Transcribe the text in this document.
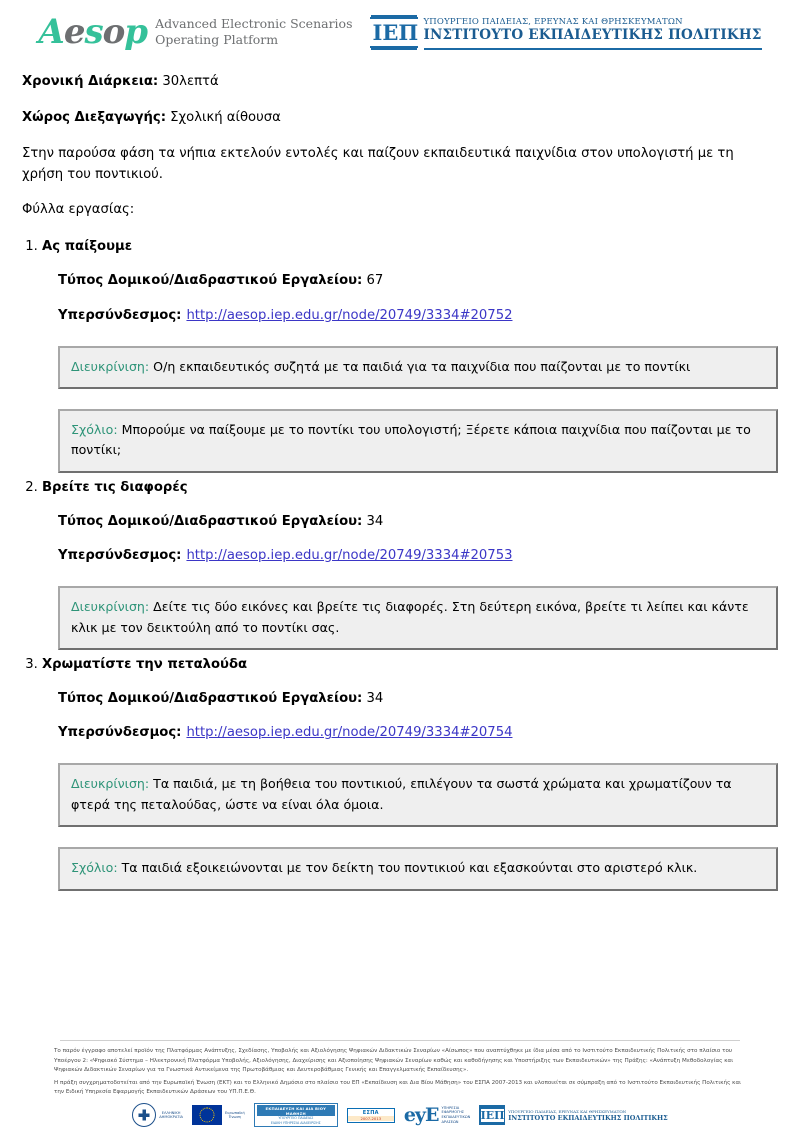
Aesop Advanced Electronic Scenarios
Operating Platform	IEΠ ΥΠΟΥΡΓΕΙΟ ΠΑΙΔΕΙΑΣ, ΕΡΕΥΝΑΣ ΚΑΙ ΘΡΗΣΚΕΥΜΑΤΩΝ
ΙΝΣΤΙΤΟΥΤΟ ΕΚΠΑΙΔΕΥΤΙΚΗΣ ΠΟΛΙΤΙΚΗΣ

Χρονική Διάρκεια: 30λεπτά

Χώρος Διεξαγωγής: Σχολική αίθουσα

Στην παρούσα φάση τα νήπια εκτελούν εντολές και παίζουν εκπαιδευτικά παιχνίδια στον υπολογιστή με τη χρήση του ποντικιού.

Φύλλα εργασίας:

1. Ας παίξουμε

Τύπος Δομικού/Διαδραστικού Εργαλείου: 67

Υπερσύνδεσμος: http://aesop.iep.edu.gr/node/20749/3334#20752

Διευκρίνιση: Ο/η εκπαιδευτικός συζητά με τα παιδιά για τα παιχνίδια που παίζονται με το ποντίκι
Σχόλιο: Μπορούμε να παίξουμε με το ποντίκι του υπολογιστή; Ξέρετε κάποια παιχνίδια που παίζονται με το ποντίκι;
2. Βρείτε τις διαφορές

Τύπος Δομικού/Διαδραστικού Εργαλείου: 34

Υπερσύνδεσμος: http://aesop.iep.edu.gr/node/20749/3334#20753

Διευκρίνιση: Δείτε τις δύο εικόνες και βρείτε τις διαφορές. Στη δεύτερη εικόνα, βρείτε τι λείπει και κάντε κλικ με τον δεικτούλη από το ποντίκι σας.
3. Χρωματίστε την πεταλούδα

Τύπος Δομικού/Διαδραστικού Εργαλείου: 34

Υπερσύνδεσμος: http://aesop.iep.edu.gr/node/20749/3334#20754

Διευκρίνιση: Τα παιδιά, με τη βοήθεια του ποντικιού, επιλέγουν τα σωστά χρώματα και χρωματίζουν τα φτερά της πεταλούδας, ώστε να είναι όλα όμοια.
Σχόλιο: Τα παιδιά εξοικειώνονται με τον δείκτη του ποντικιού και εξασκούνται στο αριστερό κλικ.

Το παρόν έγγραφο αποτελεί προϊόν της Πλατφόρμας Ανάπτυξης, Σχεδίασης, Υποβολής και Αξιολόγησης Ψηφιακών Διδακτικών Σεναρίων «Αίσωπος» που αναπτύχθηκε με ίδια μέσα από το Ινστιτούτο Εκπαιδευτικής Πολιτικής στο πλαίσιο του Υποέργου 2: «Ψηφιακό Σύστημα – Ηλεκτρονική Πλατφόρμα Υποβολής, Αξιολόγησης, Διαχείρισης και Αξιοποίησης Ψηφιακών Σεναρίων καθώς και καθοδήγησης και Υποστήριξης των Εκπαιδευτικών» της Πράξης: «Ανάπτυξη Μεθοδολογίας και Ψηφιακών Διδακτικών Σεναρίων για τα Γνωστικά Αντικείμενα της Πρωτοβάθμιας και Δευτεροβάθμιας Γενικής και Επαγγελματικής Εκπαίδευσης».

Η πράξη συγχρηματοδοτείται από την Ευρωπαϊκή Ένωση (ΕΚΤ) και το Ελληνικό Δημόσιο στο πλαίσιο του ΕΠ «Εκπαίδευση και Δια Βίου Μάθηση» του ΕΣΠΑ 2007-2013 και υλοποιείται σε σύμπραξη από το Ινστιτούτο Εκπαιδευτικής Πολιτικής και την Ειδική Υπηρεσία Εφαρμογής Εκπαιδευτικών Δράσεων του ΥΠ.Π.Ε.Θ.

ΕΛΛΗΝΙΚΗ
ΔΗΜΟΚΡΑΤΙΑ
Ευρωπαϊκή
Ένωση
ΕΚΠΑΙΔΕΥΣΗ ΚΑΙ ΔΙΑ ΒΙΟΥ ΜΑΘΗΣΗ
ΥΠΟΥΡΓΕΙΟ ΠΑΙΔΕΙΑΣ
ΕΙΔΙΚΗ ΥΠΗΡΕΣΙΑ ΔΙΑΧΕΙΡΙΣΗΣ
ΕΣΠΑ
2007-2013	eyE ΥΠΗΡΕΣΙΑ
ΕΦΑΡΜΟΓΗΣ
ΕΚΠΑΙΔΕΥΤΙΚΩΝ
ΔΡΑΣΕΩΝ
IEΠ ΥΠΟΥΡΓΕΙΟ ΠΑΙΔΕΙΑΣ, ΕΡΕΥΝΑΣ ΚΑΙ ΘΡΗΣΚΕΥΜΑΤΩΝ
ΙΝΣΤΙΤΟΥΤΟ ΕΚΠΑΙΔΕΥΤΙΚΗΣ ΠΟΛΙΤΙΚΗΣ
